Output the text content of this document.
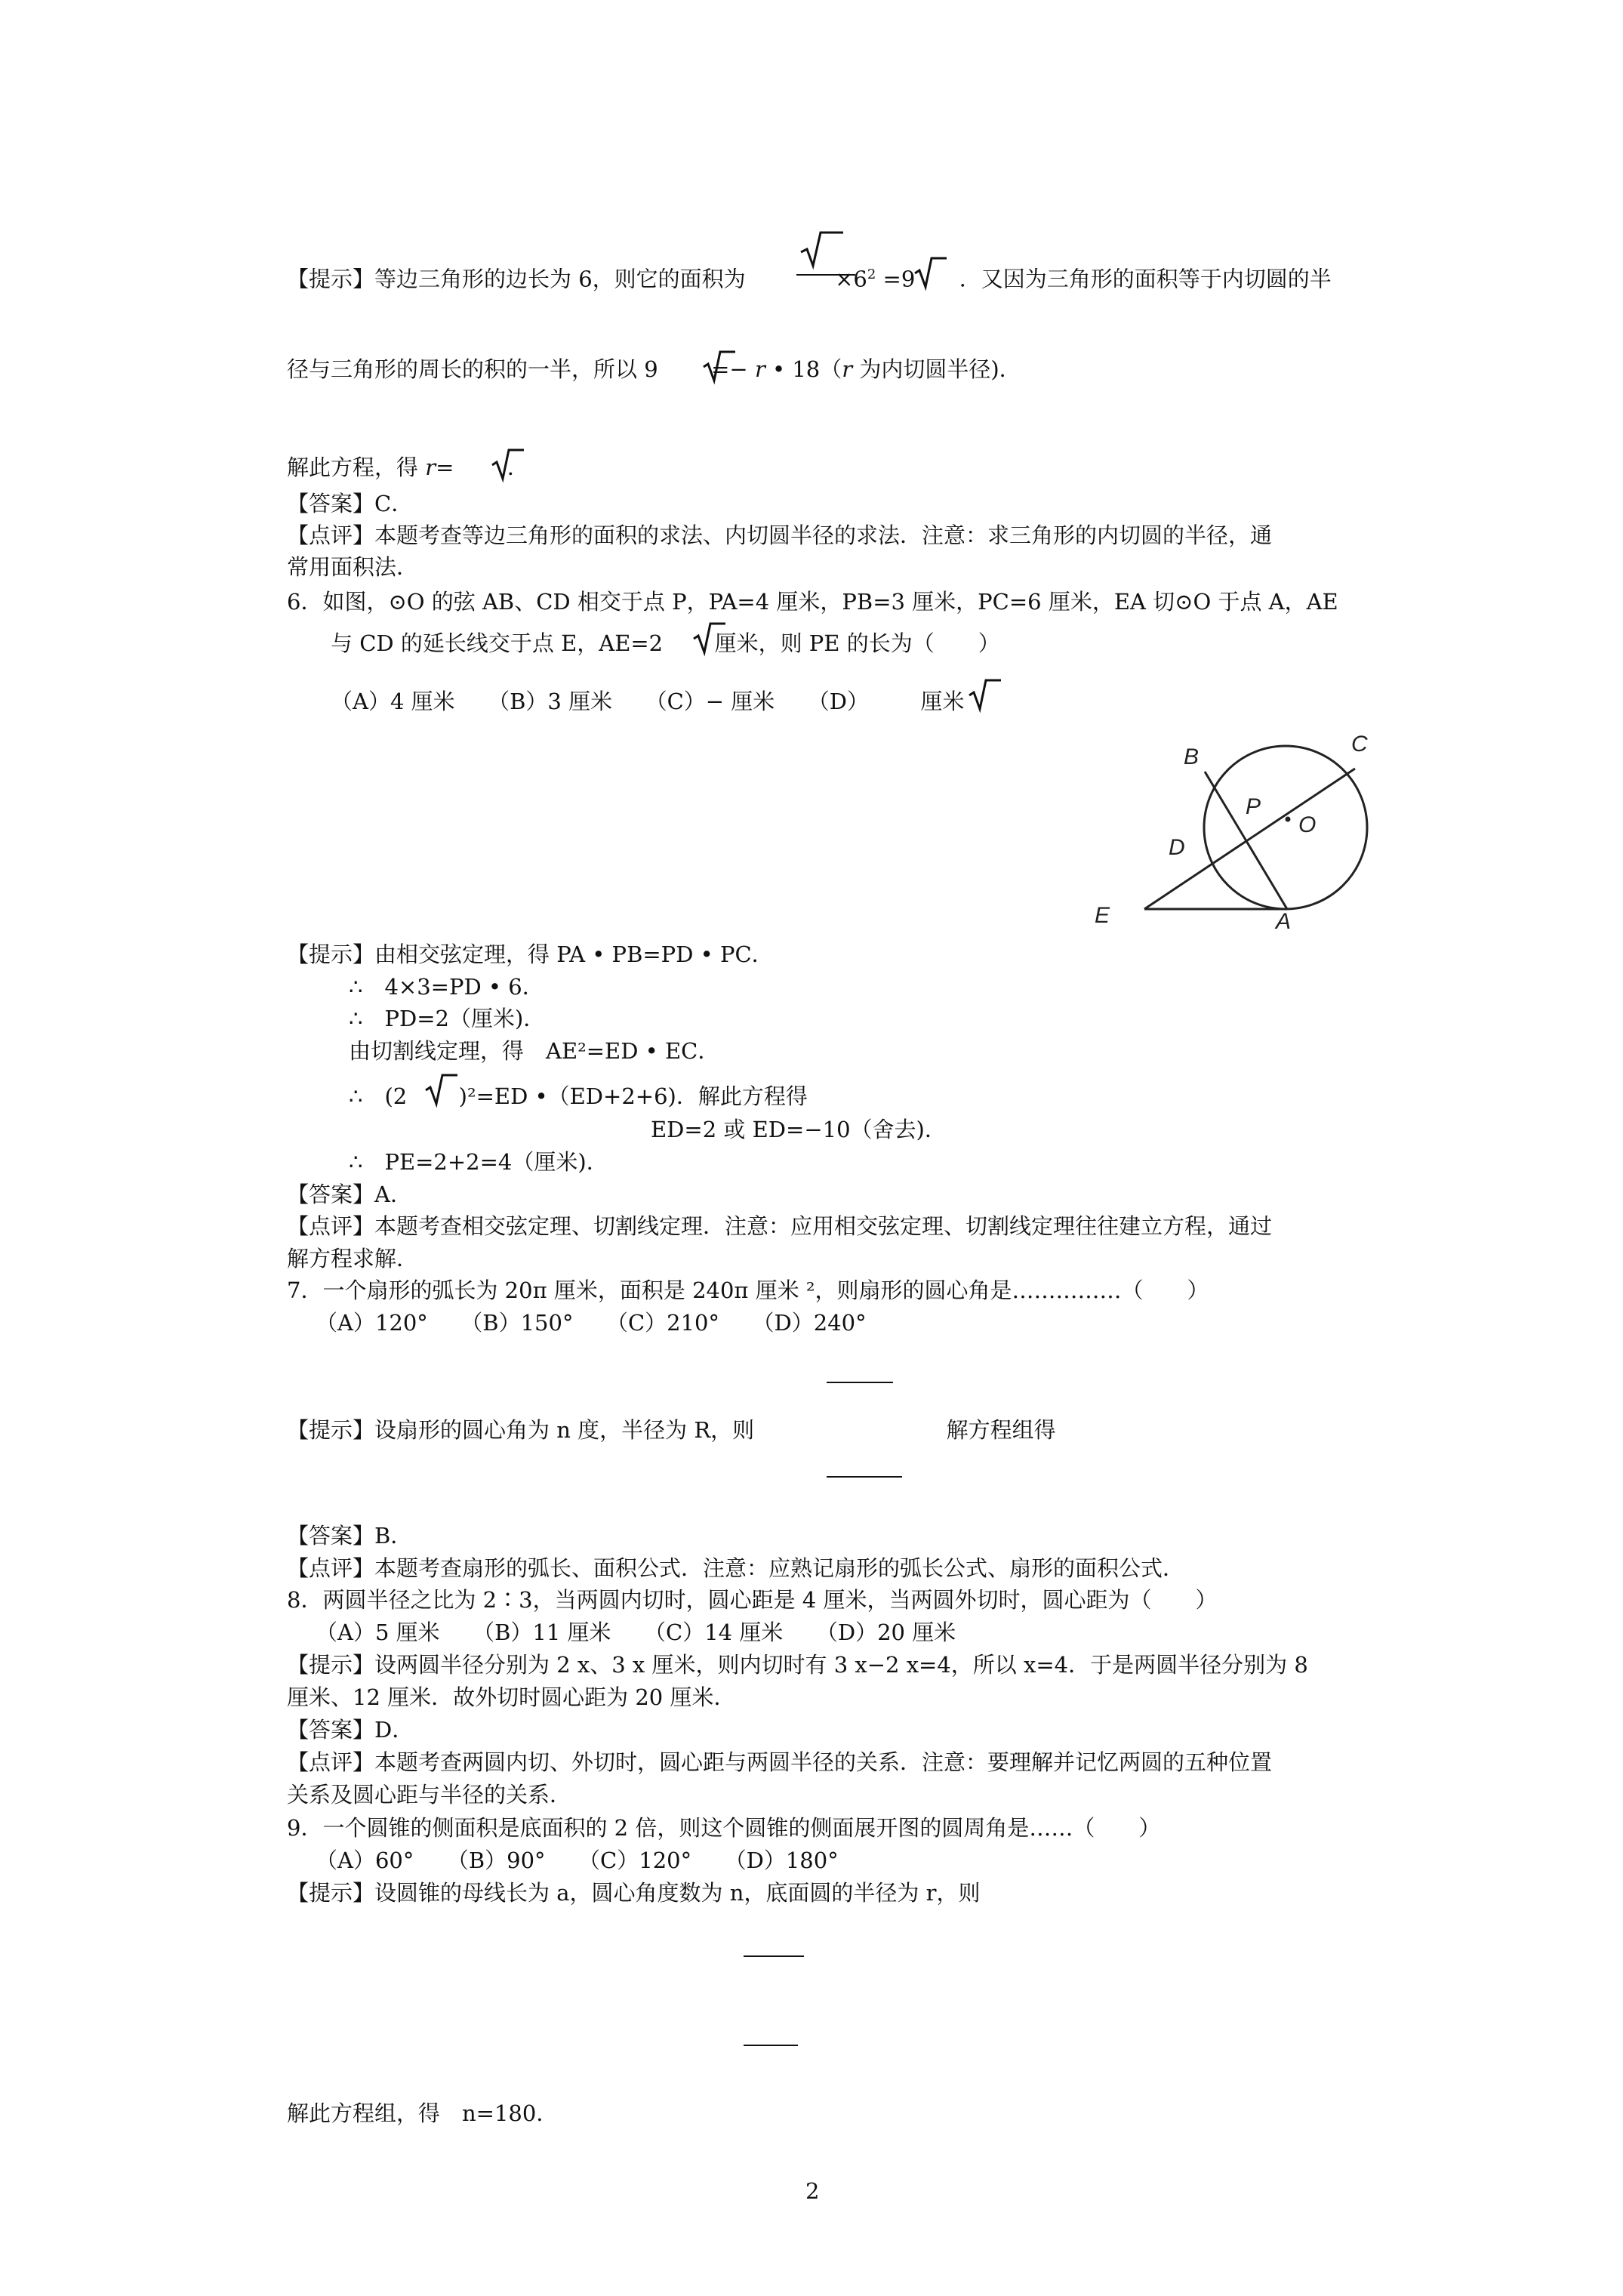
【提示】等边三角形的边长为 6，则它的面积为	$\times 6^2 =9$ ．又因为三角形的面积等于内切圆的半
径与三角形的周长的积的一半，所以 9 =− r • 18（r 为内切圆半径)．
解此方程，得 r= ．
【答案】C．
【点评】本题考查等边三角形的面积的求法、内切圆半径的求法．注意：求三角形的内切圆的半径，通
常用面积法．
6．如图，⊙O 的弦 AB、CD 相交于点 P，PA=4 厘米，PB=3 厘米，PC=6 厘米，EA 切⊙O 于点 A，AE
与 CD 的延长线交于点 E，AE=2 厘米，则 PE 的长为（　　）
（A）4 厘米　　（B）3 厘米　　（C）− 厘米　　（D） 厘米
B
C
P
O
D
E	A
【提示】由相交弦定理，得 PA • PB=PD • PC．
∴　4×3=PD • 6．
∴　PD=2（厘米)．
由切割线定理，得　AE²=ED • EC．
∴　(2 )²=ED •（ED+2+6)．解此方程得
ED=2 或 ED=−10（舍去)．
∴　PE=2+2=4（厘米)．
【答案】A．
【点评】本题考查相交弦定理、切割线定理．注意：应用相交弦定理、切割线定理往往建立方程，通过
解方程求解．
7．一个扇形的弧长为 20π 厘米，面积是 240π 厘米 ²，则扇形的圆心角是……………（　　）
（A）120°　　（B）150°　　（C）210°　　（D）240°
【提示】设扇形的圆心角为 n 度，半径为 R，则	解方程组得
【答案】B．
【点评】本题考查扇形的弧长、面积公式．注意：应熟记扇形的弧长公式、扇形的面积公式．
8．两圆半径之比为 2∶3，当两圆内切时，圆心距是 4 厘米，当两圆外切时，圆心距为（　　）
（A）5 厘米　　（B）11 厘米　　（C）14 厘米　　（D）20 厘米
【提示】设两圆半径分别为 2 x、3 x 厘米，则内切时有 3 x−2 x=4，所以 x=4．于是两圆半径分别为 8
厘米、12 厘米．故外切时圆心距为 20 厘米．
【答案】D．
【点评】本题考查两圆内切、外切时，圆心距与两圆半径的关系．注意：要理解并记忆两圆的五种位置
关系及圆心距与半径的关系．
9．一个圆锥的侧面积是底面积的 2 倍，则这个圆锥的侧面展开图的圆周角是……（　　）
（A）60°　　（B）90°　　（C）120°　　（D）180°
【提示】设圆锥的母线长为 a，圆心角度数为 n，底面圆的半径为 r，则
解此方程组，得　n=180．
2
